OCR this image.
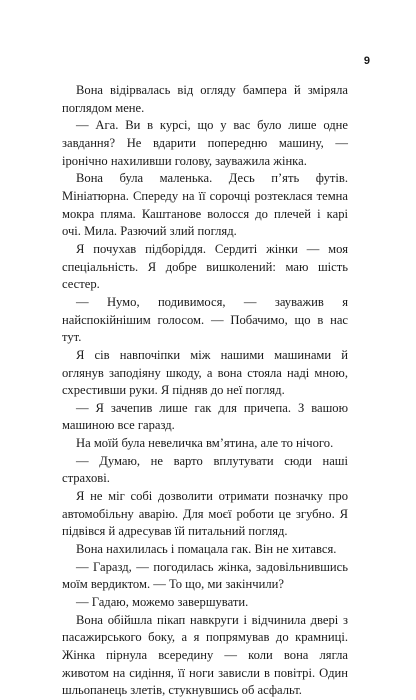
9

Вона відірвалась від огляду бампера й зміряла поглядом мене.

— Ага. Ви в курсі, що у вас було лише одне завдання? Не вдарити попередню машину, — іронічно нахиливши голову, зауважила жінка.

Вона була маленька. Десь п’ять футів. Мініатюрна. Спереду на її сорочці розтеклася темна мокра пляма. Каштанове волосся до плечей і карі очі. Мила. Разючий злий погляд.

Я почухав підборіддя. Сердиті жінки — моя спеціальність. Я добре вишколений: маю шість сестер.

— Нумо, подивимося, — зауважив я найспокійнішим голосом. — Побачимо, що в нас тут.

Я сів навпочіпки між нашими машинами й оглянув заподіяну шкоду, а вона стояла наді мною, схрестивши руки. Я підняв до неї погляд.

— Я зачепив лише гак для причепа. З вашою машиною все гаразд.

На моїй була невеличка вм’ятина, але то нічого.

— Думаю, не варто вплутувати сюди наші страхові.

Я не міг собі дозволити отримати позначку про автомобільну аварію. Для моєї роботи це згубно. Я підвівся й адресував їй питальний погляд.

Вона нахилилась і помацала гак. Він не хитався.

— Гаразд, — погодилась жінка, задовільнившись моїм вердиктом. — То що, ми закінчили?

— Гадаю, можемо завершувати.

Вона обійшла пікап навкруги і відчинила двері з пасажирського боку, а я попрямував до крамниці. Жінка пірнула всередину — коли вона лягла животом на сидіння, її ноги зависли в повітрі. Один шльопанець злетів, стукнувшись об асфальт.
